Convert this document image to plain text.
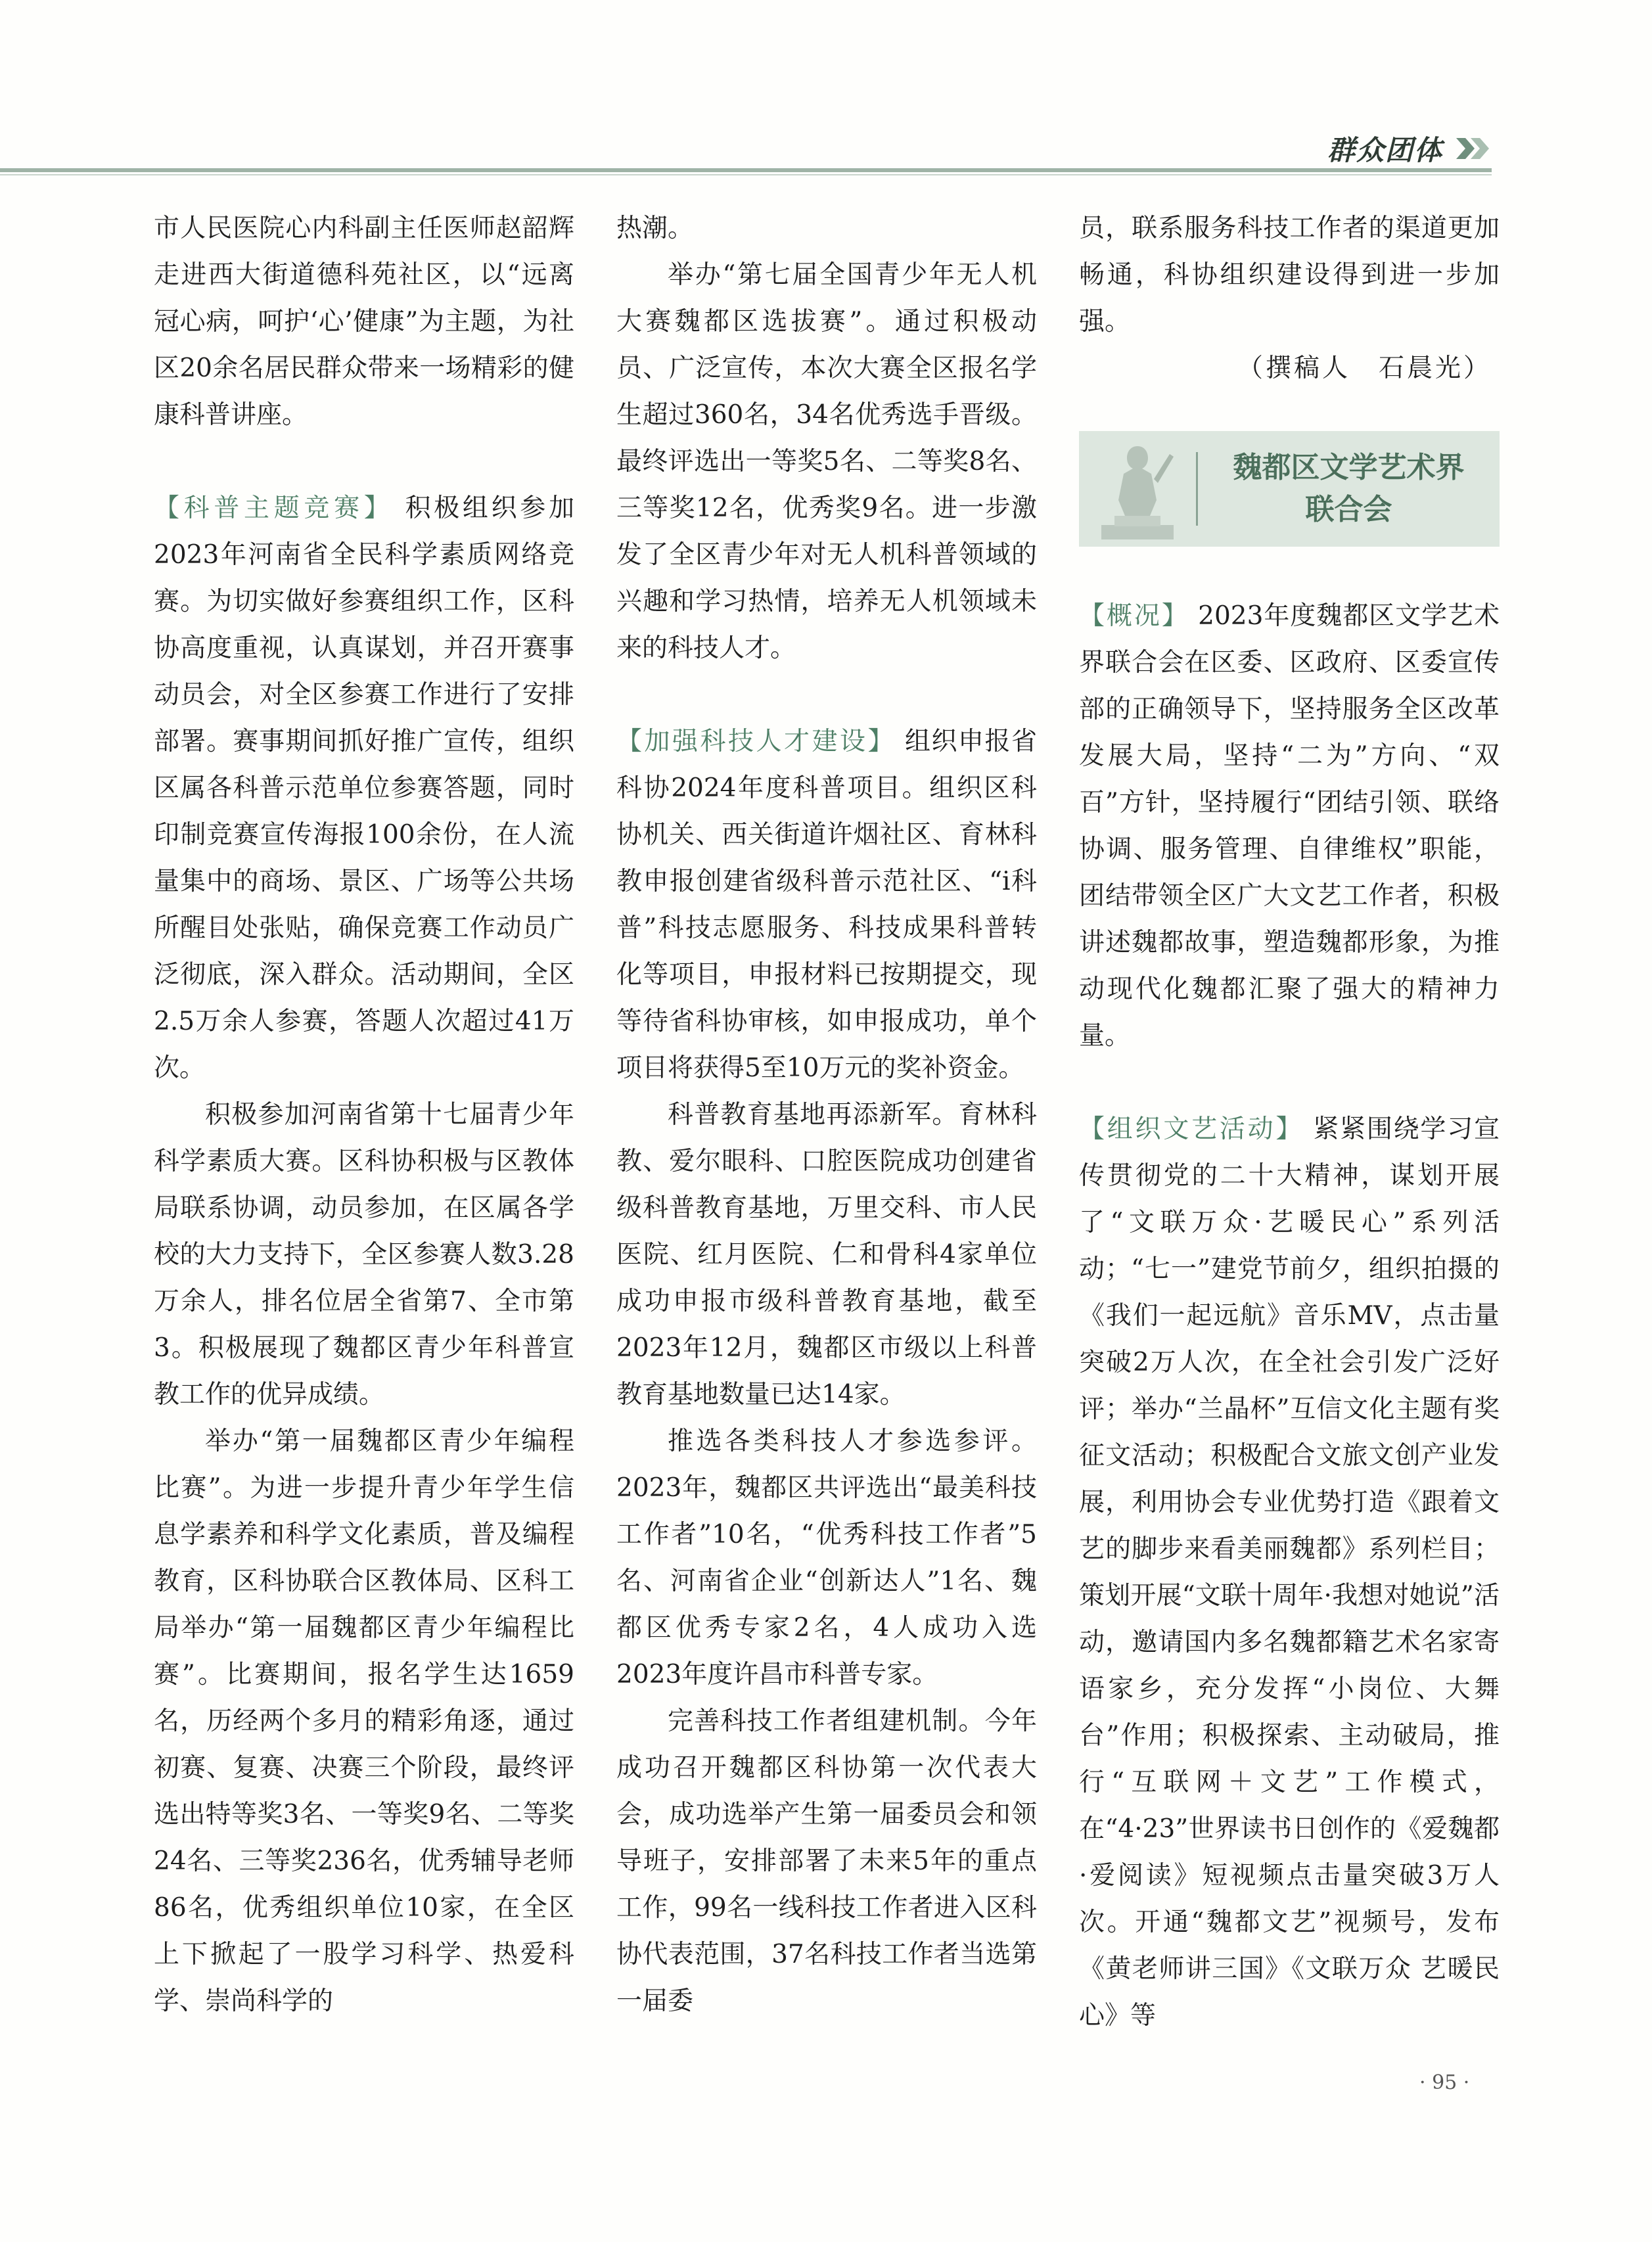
群众团体

市人民医院心内科副主任医师赵韶辉走进西大街道德科苑社区，以“远离冠心病，呵护‘心’健康”为主题，为社区20余名居民群众带来一场精彩的健康科普讲座。

【科普主题竞赛】 积极组织参加2023年河南省全民科学素质网络竞赛。为切实做好参赛组织工作，区科协高度重视，认真谋划，并召开赛事动员会，对全区参赛工作进行了安排部署。赛事期间抓好推广宣传，组织区属各科普示范单位参赛答题，同时印制竞赛宣传海报100余份，在人流量集中的商场、景区、广场等公共场所醒目处张贴，确保竞赛工作动员广泛彻底，深入群众。活动期间，全区2.5万余人参赛，答题人次超过41万次。

积极参加河南省第十七届青少年科学素质大赛。区科协积极与区教体局联系协调，动员参加，在区属各学校的大力支持下，全区参赛人数3.28万余人，排名位居全省第7、全市第3。积极展现了魏都区青少年科普宣教工作的优异成绩。

举办“第一届魏都区青少年编程比赛”。为进一步提升青少年学生信息学素养和科学文化素质，普及编程教育，区科协联合区教体局、区科工局举办“第一届魏都区青少年编程比赛”。比赛期间，报名学生达1659名，历经两个多月的精彩角逐，通过初赛、复赛、决赛三个阶段，最终评选出特等奖3名、一等奖9名、二等奖24名、三等奖236名，优秀辅导老师86名，优秀组织单位10家，在全区上下掀起了一股学习科学、热爱科学、崇尚科学的

热潮。

举办“第七届全国青少年无人机大赛魏都区选拔赛”。通过积极动员、广泛宣传，本次大赛全区报名学生超过360名，34名优秀选手晋级。最终评选出一等奖5名、二等奖8名、三等奖12名，优秀奖9名。进一步激发了全区青少年对无人机科普领域的兴趣和学习热情，培养无人机领域未来的科技人才。

【加强科技人才建设】 组织申报省科协2024年度科普项目。组织区科协机关、西关街道许烟社区、育林科教申报创建省级科普示范社区、“i科普”科技志愿服务、科技成果科普转化等项目，申报材料已按期提交，现等待省科协审核，如申报成功，单个项目将获得5至10万元的奖补资金。

科普教育基地再添新军。育林科教、爱尔眼科、口腔医院成功创建省级科普教育基地，万里交科、市人民医院、红月医院、仁和骨科4家单位成功申报市级科普教育基地，截至2023年12月，魏都区市级以上科普教育基地数量已达14家。

推选各类科技人才参选参评。2023年，魏都区共评选出“最美科技工作者”10名，“优秀科技工作者”5名、河南省企业“创新达人”1名、魏都区优秀专家2名，4人成功入选2023年度许昌市科普专家。

完善科技工作者组建机制。今年成功召开魏都区科协第一次代表大会，成功选举产生第一届委员会和领导班子，安排部署了未来5年的重点工作，99名一线科技工作者进入区科协代表范围，37名科技工作者当选第一届委

员，联系服务科技工作者的渠道更加畅通，科协组织建设得到进一步加强。

（撰稿人　石晨光）

魏都区文学艺术界
联合会

【概况】 2023年度魏都区文学艺术界联合会在区委、区政府、区委宣传部的正确领导下，坚持服务全区改革发展大局，坚持“二为”方向、“双百”方针，坚持履行“团结引领、联络协调、服务管理、自律维权”职能，团结带领全区广大文艺工作者，积极讲述魏都故事，塑造魏都形象，为推动现代化魏都汇聚了强大的精神力量。

【组织文艺活动】 紧紧围绕学习宣传贯彻党的二十大精神，谋划开展了“文联万众·艺暖民心”系列活动；“七一”建党节前夕，组织拍摄的《我们一起远航》音乐MV，点击量突破2万人次，在全社会引发广泛好评；举办“兰晶杯”互信文化主题有奖征文活动；积极配合文旅文创产业发展，利用协会专业优势打造《跟着文艺的脚步来看美丽魏都》系列栏目；策划开展“文联十周年·我想对她说”活动，邀请国内多名魏都籍艺术名家寄语家乡，充分发挥“小岗位、大舞台”作用；积极探索、主动破局，推行“互联网＋文艺”工作模式，在“4·23”世界读书日创作的《爱魏都·爱阅读》短视频点击量突破3万人次。开通“魏都文艺”视频号，发布《黄老师讲三国》《文联万众 艺暖民心》等

· 95 ·
